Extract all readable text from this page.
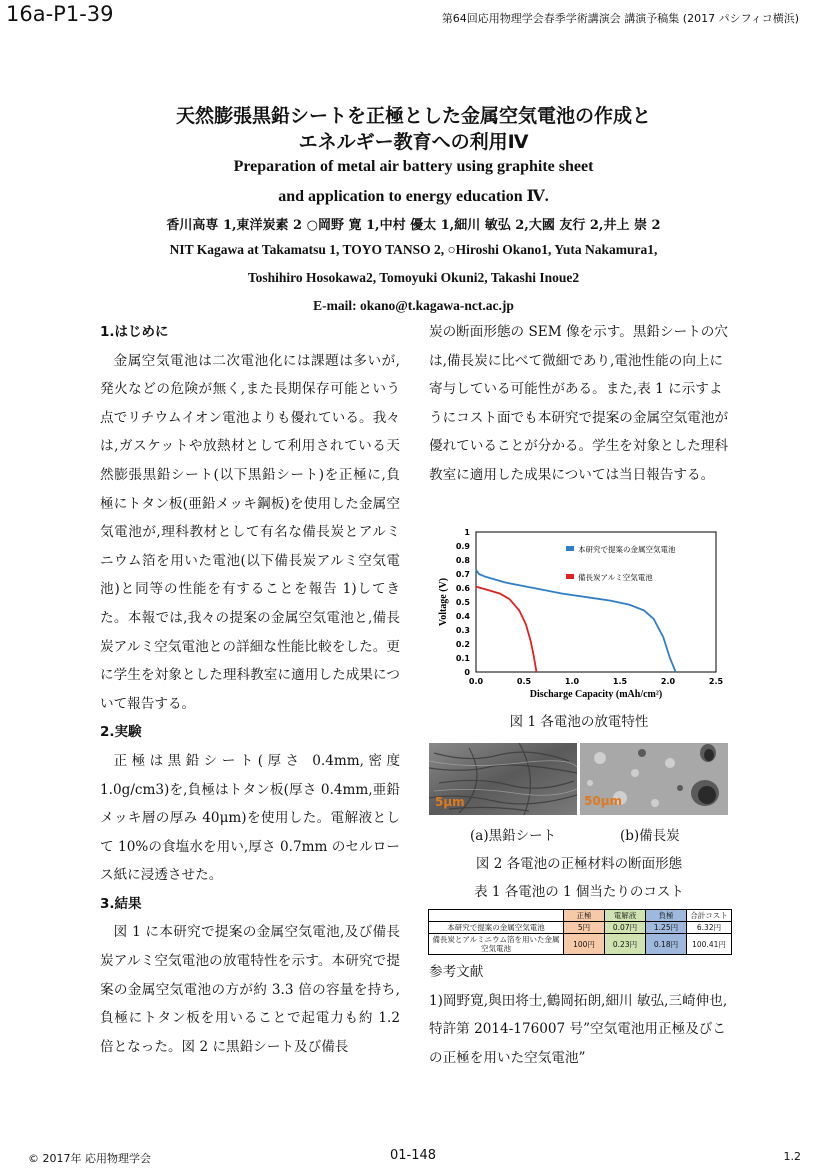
16a-P1-39	第64回応用物理学会春季学術講演会 講演予稿集 (2017 パシフィコ横浜)
天然膨張黒鉛シートを正極とした金属空気電池の作成と
エネルギー教育への利用Ⅳ
Preparation of metal air battery using graphite sheet
and application to energy education Ⅳ.
香川高専 1,東洋炭素 2 ○岡野 寛 1,中村 優太 1,細川 敏弘 2,大國 友行 2,井上 崇 2
NIT Kagawa at Takamatsu 1, TOYO TANSO 2, ○Hiroshi Okano1, Yuta Nakamura1,
Toshihiro Hosokawa2, Tomoyuki Okuni2, Takashi Inoue2
E-mail: okano@t.kagawa-nct.ac.jp
1.はじめに

金属空気電池は二次電池化には課題は多いが,発火などの危険が無く,また長期保存可能という点でリチウムイオン電池よりも優れている。我々は,ガスケットや放熱材として利用されている天然膨張黒鉛シート(以下黒鉛シート)を正極に,負極にトタン板(亜鉛メッキ鋼板)を使用した金属空気電池が,理科教材として有名な備長炭とアルミニウム箔を用いた電池(以下備長炭アルミ空気電池)と同等の性能を有することを報告 1)してきた。本報では,我々の提案の金属空気電池と,備長炭アルミ空気電池との詳細な性能比較をした。更に学生を対象とした理科教室に適用した成果について報告する。

2.実験

正極は黒鉛シート(厚さ 0.4mm,密度 1.0g/cm3)を,負極はトタン板(厚さ 0.4mm,亜鉛メッキ層の厚み 40μm)を使用した。電解液として 10%の食塩水を用い,厚さ 0.7mm のセルロース紙に浸透させた。

3.結果

図 1 に本研究で提案の金属空気電池,及び備長炭アルミ空気電池の放電特性を示す。本研究で提案の金属空気電池の方が約 3.3 倍の容量を持ち,負極にトタン板を用いることで起電力も約 1.2 倍となった。図 2 に黒鉛シート及び備長

炭の断面形態の SEM 像を示す。黒鉛シートの穴は,備長炭に比べて微細であり,電池性能の向上に寄与している可能性がある。また,表 1 に示すようにコスト面でも本研究で提案の金属空気電池が優れていることが分かる。学生を対象とした理科教室に適用した成果については当日報告する。

0
0.1
0.2
0.3
0.4
0.5
0.6
0.7
0.8
0.9
1
0.0	0.5	1.0	1.5	2.0	2.5
Discharge Capacity (mAh/cm²)
Voltage (V)
本研究で提案の金属空気電池
備長炭アルミ空気電池
図 1 各電池の放電特性
5μm	50μm
(a)黒鉛シート	(b)備長炭
図 2 各電池の正極材料の断面形態
表 1 各電池の 1 個当たりのコスト
	正極	電解液	負極	合計コスト
本研究で提案の金属空気電池	5円	0.07円	1.25円	6.32円
備長炭とアルミニウム箔を用いた金属空気電池	100円	0.23円	0.18円	100.41円
参考文献

1)岡野寛,與田将士,鶴岡拓朗,細川 敏弘,三崎伸也,特許第 2014-176007 号”空気電池用正極及びこの正極を用いた空気電池”

© 2017年 応用物理学会	01-148	1.2
